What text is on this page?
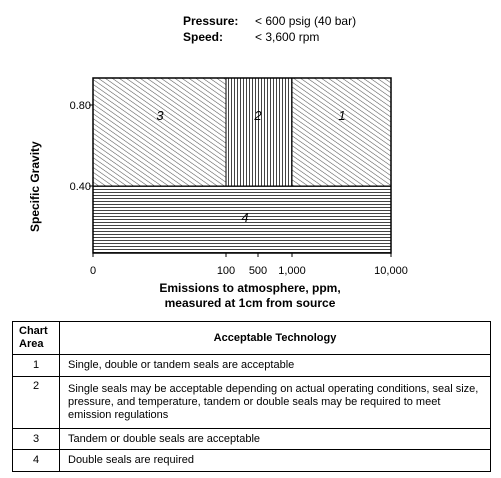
Pressure: < 600 psig (40 bar)
Speed:	< 3,600 rpm
0	100 500 1,000	10,000
0.80
0.40
3	2	1
4
Specific Gravity
Emissions to atmosphere, ppm,
measured at 1cm from source
Chart Area	Acceptable Technology
1	Single, double or tandem seals are acceptable
2	Single seals may be acceptable depending on actual operating conditions, seal size, pressure, and temperature, tandem or double seals may be required to meet emission regulations
3	Tandem or double seals are acceptable
4	Double seals are required
